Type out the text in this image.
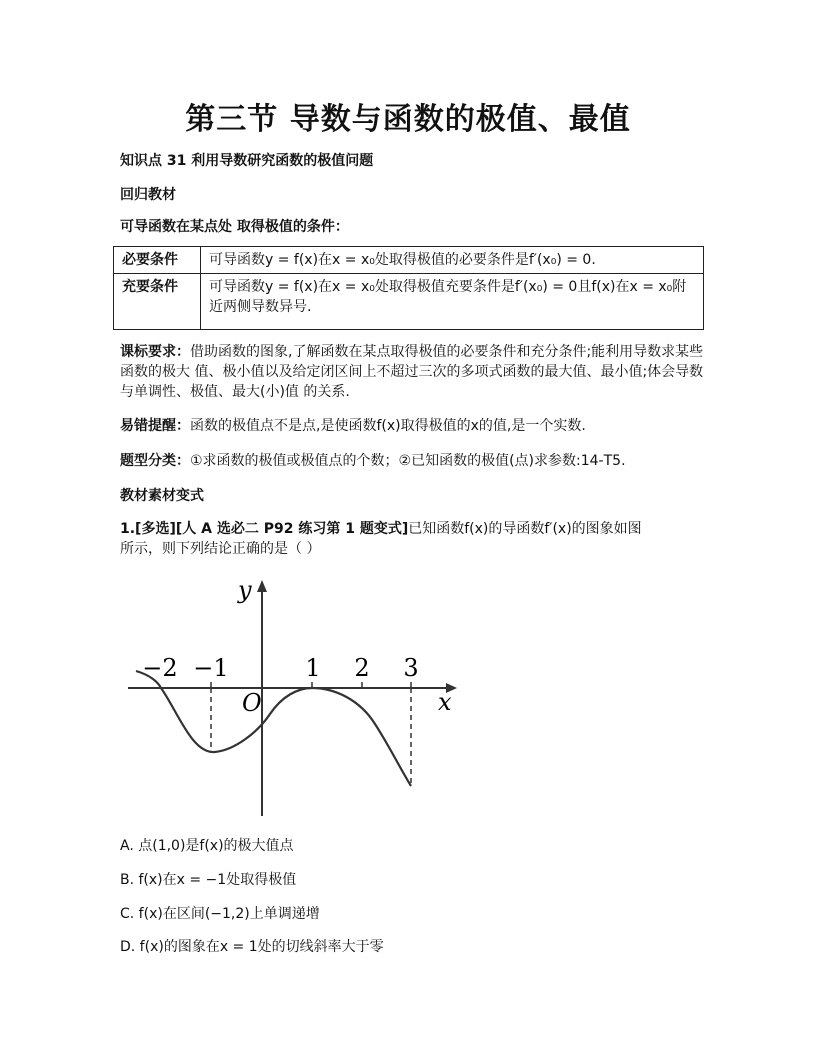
第三节 导数与函数的极值、最值
知识点 31 利用导数研究函数的极值问题
回归教材
可导函数在某点处 取得极值的条件：
必要条件	可导函数y = f(x)在x = x₀处取得极值的必要条件是f′(x₀) = 0.
充要条件	可导函数y = f(x)在x = x₀处取得极值充要条件是f′(x₀) = 0且f(x)在x = x₀附近两侧导数异号.
课标要求：借助函数的图象,了解函数在某点取得极值的必要条件和充分条件;能利用导数求某些函数的极大 值、极小值以及给定闭区间上不超过三次的多项式函数的最大值、最小值;体会导数与单调性、极值、最大(小)值 的关系.
易错提醒：函数的极值点不是点,是使函数f(x)取得极值的x的值,是一个实数.
题型分类：①求函数的极值或极值点的个数；②已知函数的极值(点)求参数:14-T5.
教材素材变式
1.[多选][人 A 选必二 P92 练习第 1 题变式]已知函数f(x)的导函数f′(x)的图象如图
所示，则下列结论正确的是（ ）
−2 −1	1 2 3
O	x
y
A. 点(1,0)是f(x)的极大值点
B. f(x)在x = −1处取得极值
C. f(x)在区间(−1,2)上单调递增
D. f(x)的图象在x = 1处的切线斜率大于零
